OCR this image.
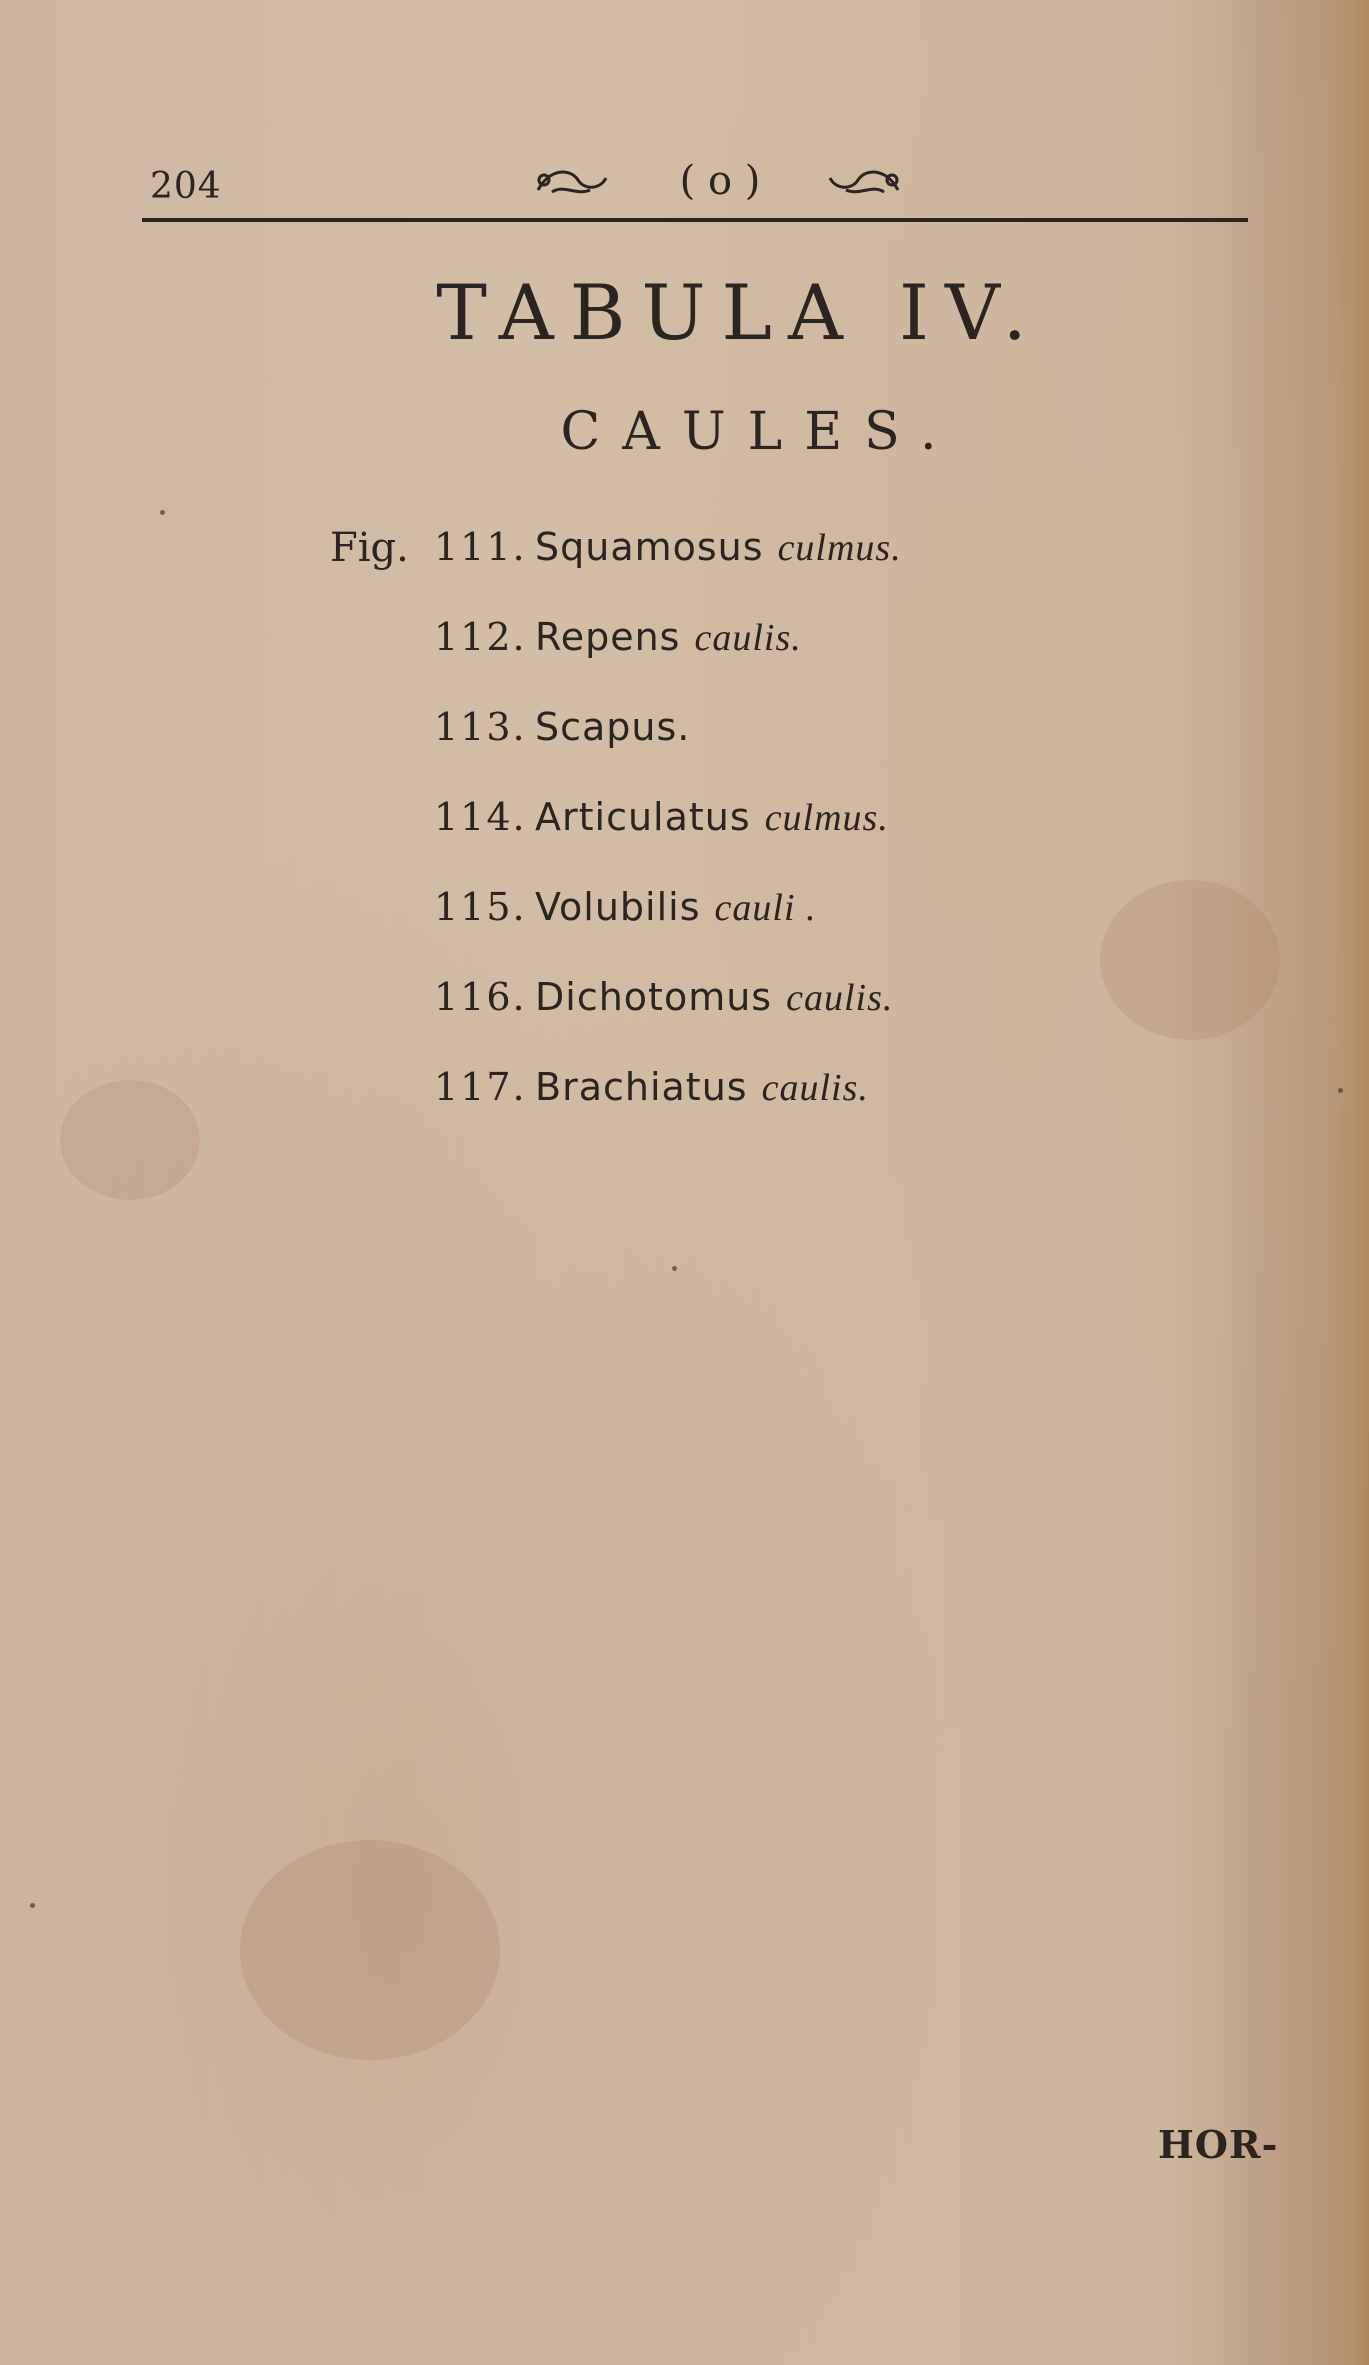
204	( o )
TABULA IV.
CAULES.
Fig. 111. Squamosus culmus.
112. Repens caulis.
113. Scapus.
114. Articulatus culmus.
115. Volubilis cauli .
116. Dichotomus caulis.
117. Brachiatus caulis.
HOR-
